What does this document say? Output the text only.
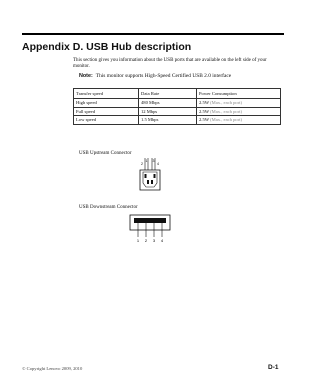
Appendix D. USB Hub description

This section gives you information about the USB ports that are available on the left side of your monitor.

Note: This monitor supports High-Speed Certified USB 2.0 interface
Transfer speed	Data Rate	Power Consumption
High speed	480 Mbps	2.5W (Max., each port)
Full speed	12 Mbps	2.5W (Max., each port)
Low speed	1.5 Mbps	2.5W (Max., each port)
USB Upstream Connector
2
1 3
4
USB Downstream Connector
1 2 3 4
© Copyright Lenovo 2009, 2010	D-1
